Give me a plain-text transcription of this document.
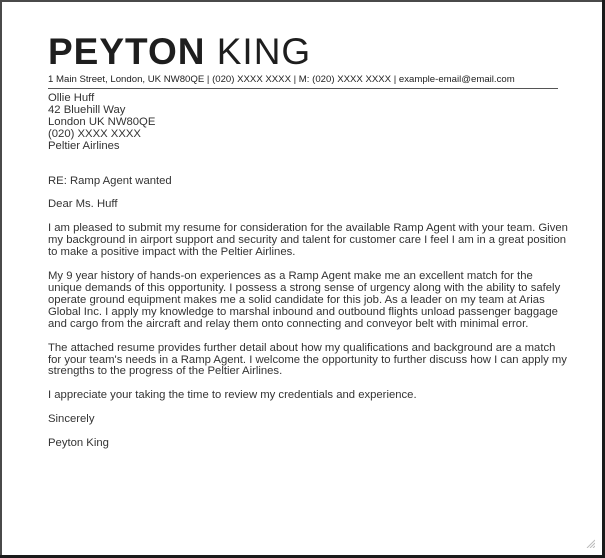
PEYTON KING
1 Main Street, London, UK NW80QE | (020) XXXX XXXX | M: (020) XXXX XXXX | example-email@email.com
Ollie Huff
42 Bluehill Way
London UK NW80QE
(020) XXXX XXXX
Peltier Airlines

RE: Ramp Agent wanted

Dear Ms. Huff

I am pleased to submit my resume for consideration for the available Ramp Agent with your team. Given my background in airport support and security and talent for customer care I feel I am in a great position to make a positive impact with the Peltier Airlines.

My 9 year history of hands-on experiences as a Ramp Agent make me an excellent match for the unique demands of this opportunity. I possess a strong sense of urgency along with the ability to safely operate ground equipment makes me a solid candidate for this job. As a leader on my team at Arias Global Inc. I apply my knowledge to marshal inbound and outbound flights unload passenger baggage and cargo from the aircraft and relay them onto connecting and conveyor belt with minimal error.

The attached resume provides further detail about how my qualifications and background are a match for your team's needs in a Ramp Agent. I welcome the opportunity to further discuss how I can apply my strengths to the progress of the Peltier Airlines.

I appreciate your taking the time to review my credentials and experience.

Sincerely

Peyton King
